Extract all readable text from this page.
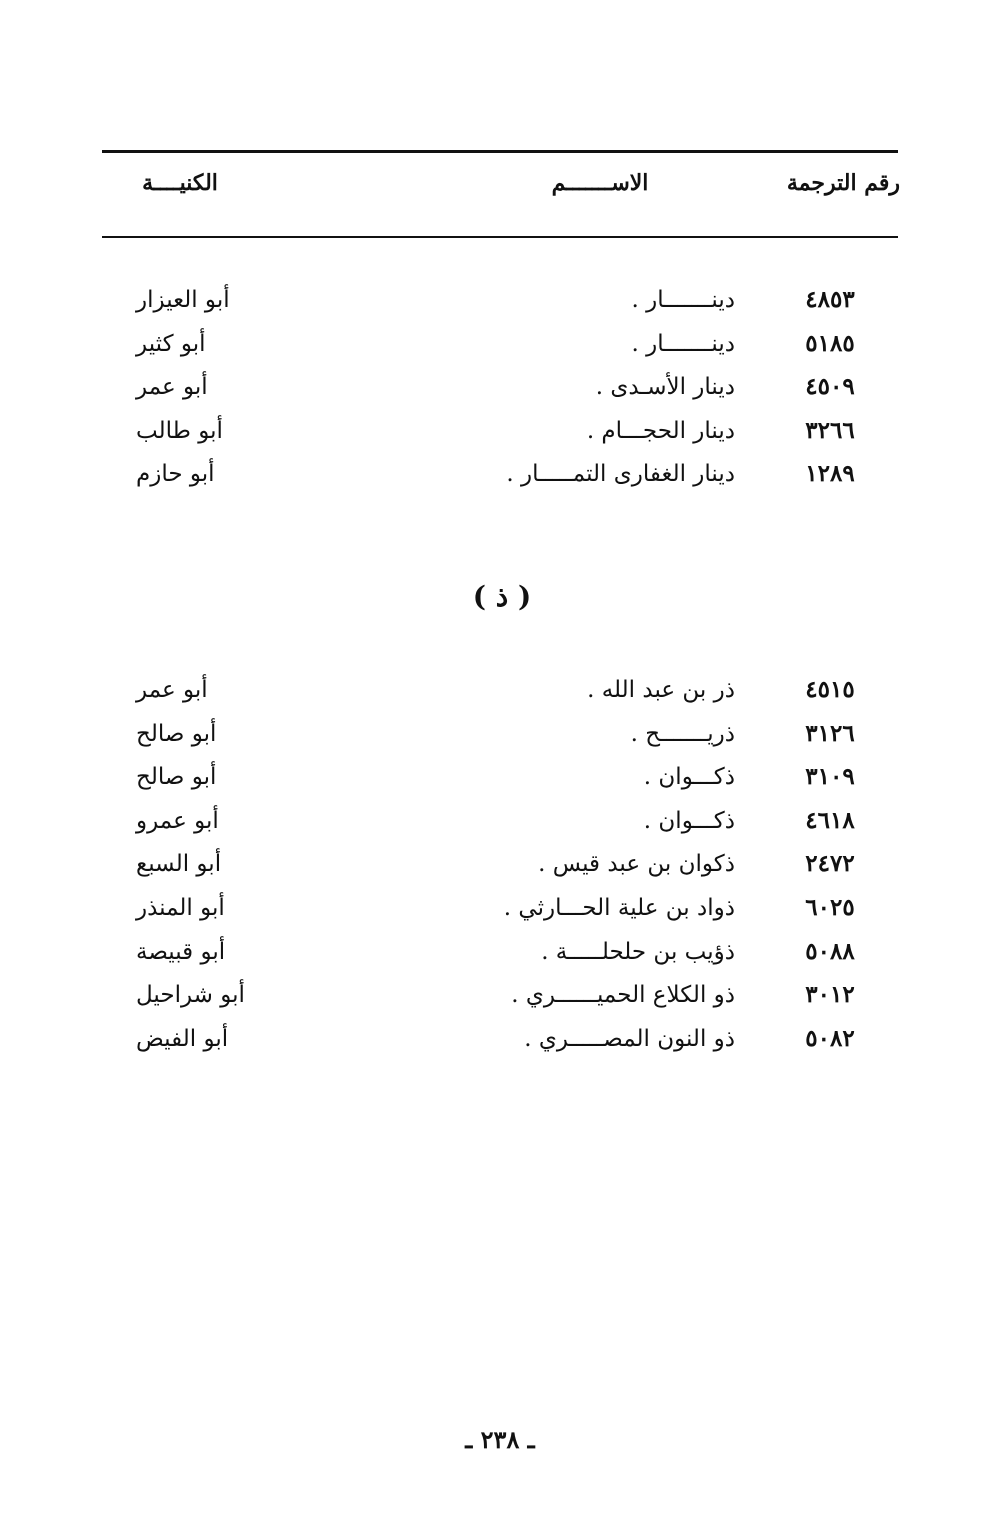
رقم الترجمة
الاســـــــم
الكنيــــة
٤٨٥٣
دينـــــــار .
أبو العيزار
٥١٨٥
دينـــــــار .
أبو كثير
٤٥٠٩
دينار الأسـدى .
أبو عمر
٣٢٦٦
دينار الحجـــام .
أبو طالب
١٢٨٩
دينار الغفارى التمـــــار .
أبو حازم
( ذ )
٤٥١٥
ذر بن عبد الله .
أبو عمر
٣١٢٦
ذريـــــــح .
أبو صالح
٣١٠٩
ذكـــوان .
أبو صالح
٤٦١٨
ذكـــوان .
أبو عمرو
٢٤٧٢
ذكوان بن عبد قيس .
أبو السبع
٦٠٢٥
ذواد بن علية الحـــارثي .
أبو المنذر
٥٠٨٨
ذؤيب بن حلحلـــــة .
أبو قبيصة
٣٠١٢
ذو الكلاع الحميــــــري .
أبو شراحيل
٥٠٨٢
ذو النون المصـــــري .
أبو الفيض
ـ ٢٣٨ ـ
